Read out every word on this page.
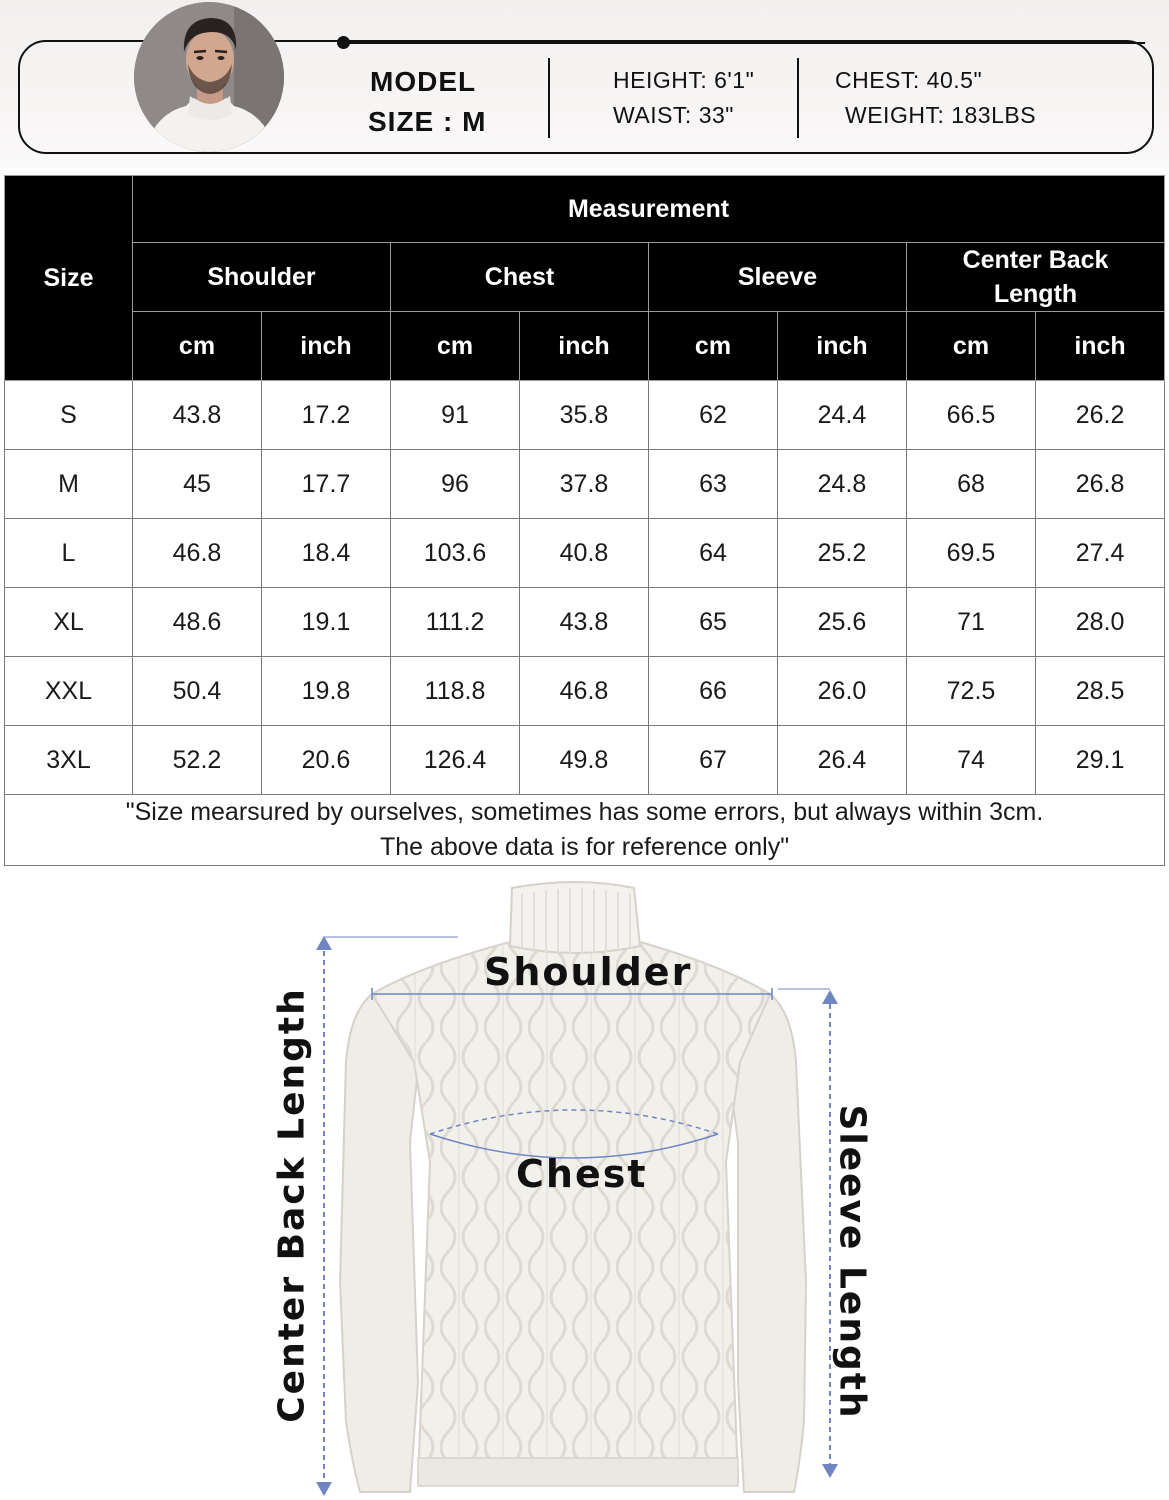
MODEL
SIZE : M
HEIGHT: 6'1"
WAIST: 33"
CHEST: 40.5"
WEIGHT: 183LBS
Size	Measurement							
	Shoulder		Chest		Sleeve		Center Back Length	
	cm	inch	cm	inch	cm	inch	cm	inch
S	43.8	17.2	91	35.8	62	24.4	66.5	26.2
M	45	17.7	96	37.8	63	24.8	68	26.8
L	46.8	18.4	103.6	40.8	64	25.2	69.5	27.4
XL	48.6	19.1	111.2	43.8	65	25.6	71	28.0
XXL	50.4	19.8	118.8	46.8	66	26.0	72.5	28.5
3XL	52.2	20.6	126.4	49.8	67	26.4	74	29.1
"Size mearsured by ourselves, sometimes has some errors, but always within 3cm.
The above data is for reference only"								
Shoulder
Chest
Center Back Length	Sleeve Length
